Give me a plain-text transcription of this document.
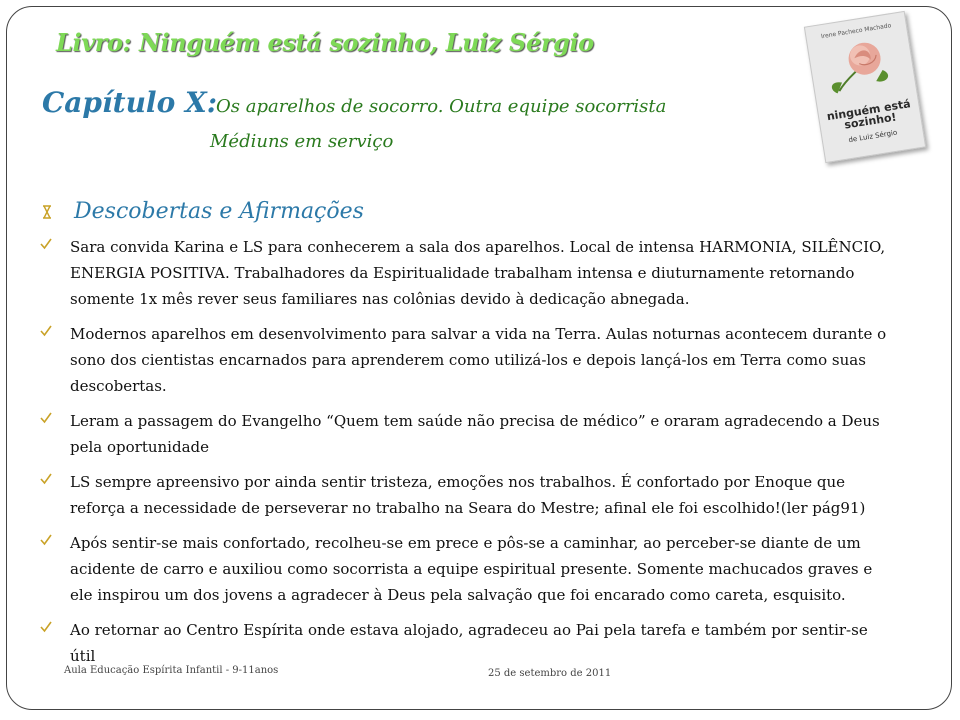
Livro: Ninguém está sozinho, Luiz Sérgio
Capítulo X:
Os aparelhos de socorro. Outra equipe socorrista
Médiuns em serviço
Irene Pacheco Machado
ninguém está sozinho!
de Luiz Sérgio
Descobertas e Afirmações
Sara convida Karina e LS para conhecerem a sala dos aparelhos. Local de intensa HARMONIA, SILÊNCIO, ENERGIA POSITIVA. Trabalhadores da Espiritualidade trabalham intensa e diuturnamente retornando somente 1x mês rever seus familiares nas colônias devido à dedicação abnegada.
Modernos aparelhos em desenvolvimento para salvar a vida na Terra. Aulas noturnas acontecem durante o sono dos cientistas encarnados para aprenderem como utilizá-los e depois lançá-los em Terra como suas descobertas.
Leram a passagem do Evangelho “Quem tem saúde não precisa de médico” e oraram agradecendo a Deus pela oportunidade
LS sempre apreensivo por ainda sentir tristeza, emoções nos trabalhos. É confortado por Enoque que reforça a necessidade de perseverar no trabalho na Seara do Mestre; afinal ele foi escolhido!(ler pág91)
Após sentir-se mais confortado, recolheu-se em prece e pôs-se a caminhar, ao perceber-se diante de um acidente de carro e auxiliou como socorrista a equipe espiritual presente. Somente machucados graves e ele inspirou um dos jovens a agradecer à Deus pela salvação que foi encarado como careta, esquisito.
Ao retornar ao Centro Espírita onde estava alojado, agradeceu ao Pai pela tarefa e também por sentir-se útil
Aula Educação Espírita Infantil - 9-11anos	25 de setembro de 2011
